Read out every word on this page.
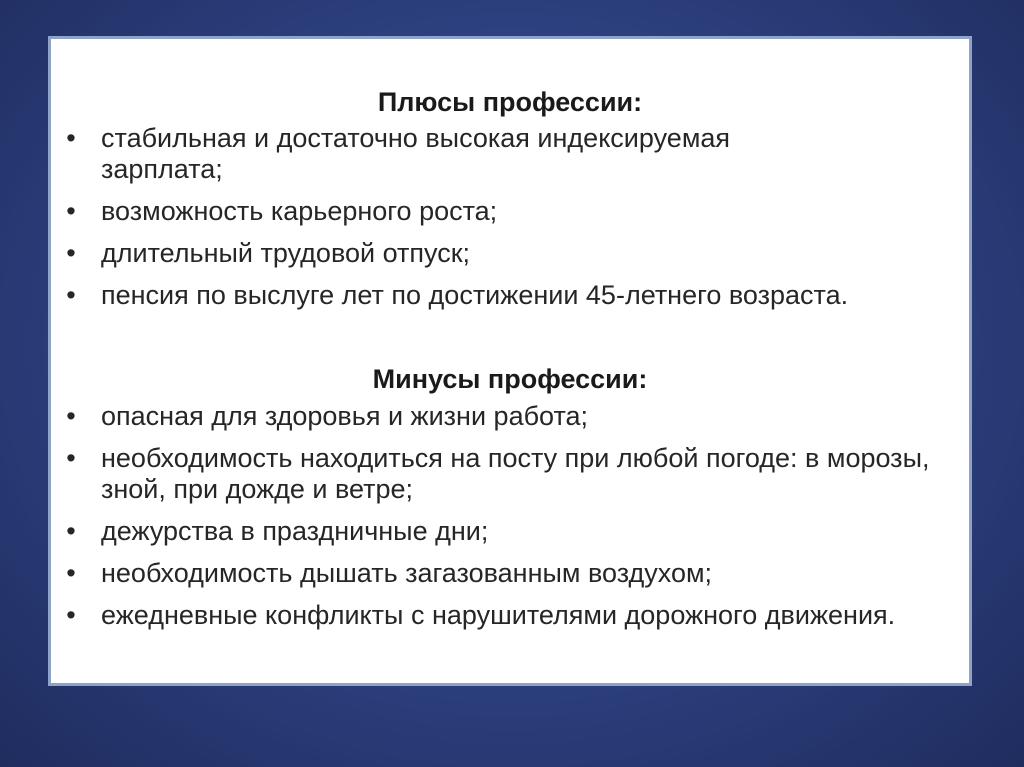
Плюсы профессии:
• стабильная и достаточно высокая индексируемая зарплата;
• возможность карьерного роста;
• длительный трудовой отпуск;
• пенсия по выслуге лет по достижении 45-летнего возраста.
Минусы профессии:
• опасная для здоровья и жизни работа;
• необходимость находиться на посту при любой погоде: в морозы, зной, при дожде и ветре;
• дежурства в праздничные дни;
• необходимость дышать загазованным воздухом;
• ежедневные конфликты с нарушителями дорожного движения.
